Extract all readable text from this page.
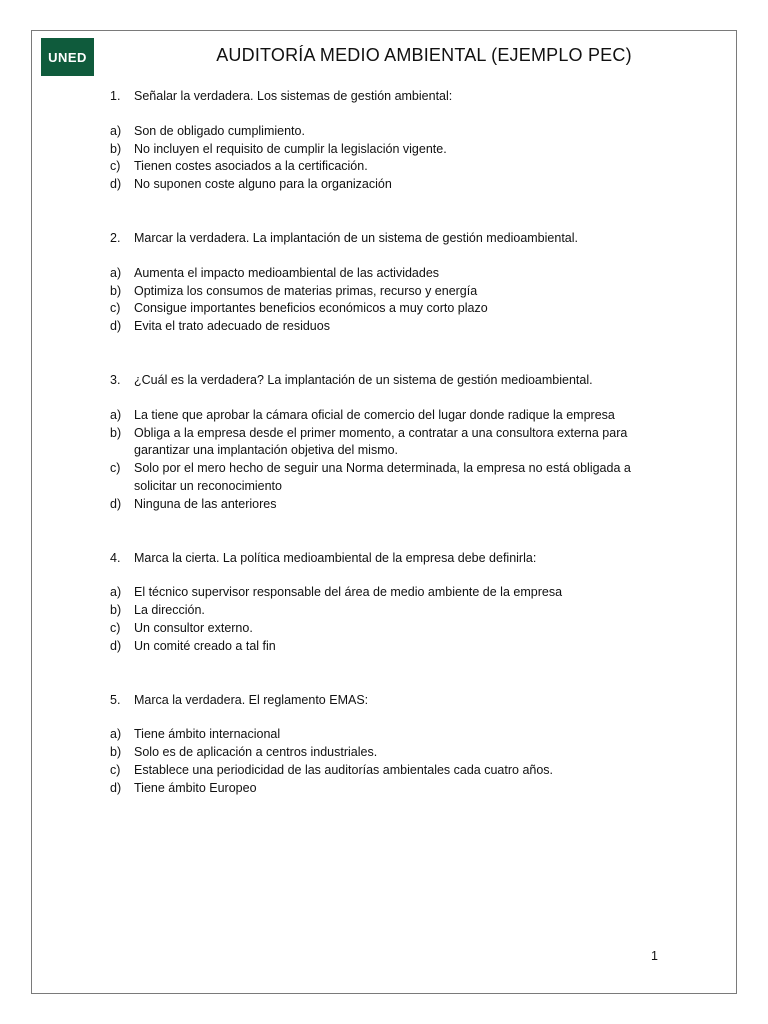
UNED	AUDITORÍA MEDIO AMBIENTAL (EJEMPLO PEC)
1.	Señalar la verdadera. Los sistemas de gestión ambiental:
a)	Son de obligado cumplimiento.
b)	No incluyen el requisito de cumplir la legislación vigente.
c)	Tienen costes asociados a la certificación.
d)	No suponen coste alguno para la organización
2.	Marcar la verdadera. La implantación de un sistema de gestión medioambiental.
a)	Aumenta el impacto medioambiental de las actividades
b)	Optimiza los consumos de materias primas, recurso y energía
c)	Consigue importantes beneficios económicos a muy corto plazo
d)	Evita el trato adecuado de residuos
3.	¿Cuál es la verdadera? La implantación de un sistema de gestión medioambiental.
a)	La tiene que aprobar la cámara oficial de comercio del lugar donde radique la empresa
b)	Obliga a la empresa desde el primer momento, a contratar a una consultora externa para garantizar una implantación objetiva del mismo.
c)	Solo por el mero hecho de seguir una Norma determinada, la empresa no está obligada a solicitar un reconocimiento
d)	Ninguna de las anteriores
4.	Marca la cierta. La política medioambiental de la empresa debe definirla:
a)	El técnico supervisor responsable del área de medio ambiente de la empresa
b)	La dirección.
c)	Un consultor externo.
d)	Un comité creado a tal fin
5.	Marca la verdadera. El reglamento EMAS:
a)	Tiene ámbito internacional
b)	Solo es de aplicación a centros industriales.
c)	Establece una periodicidad de las auditorías ambientales cada cuatro años.
d)	Tiene ámbito Europeo
1
